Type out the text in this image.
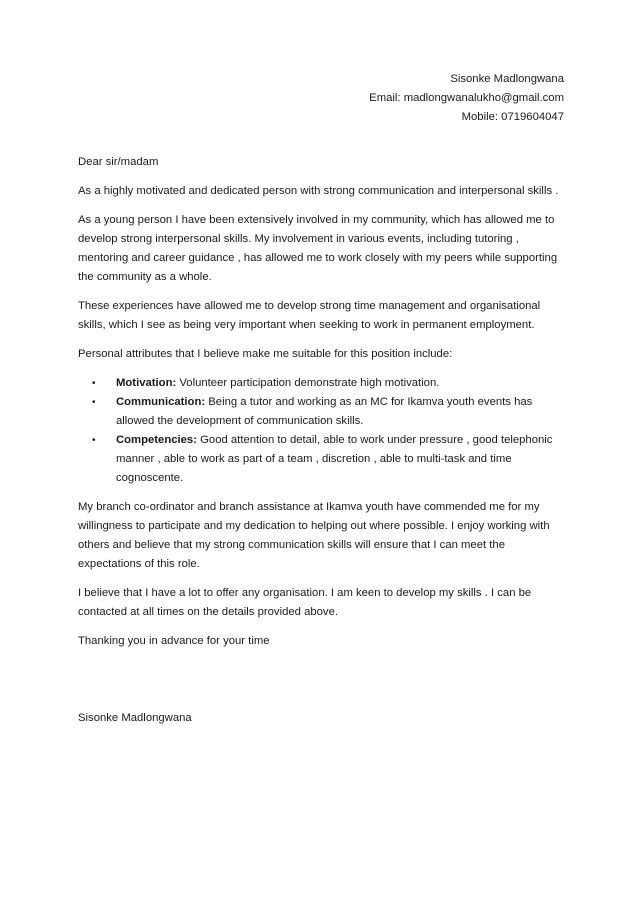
Sisonke Madlongwana
Email: madlongwanalukho@gmail.com
Mobile: 0719604047

Dear sir/madam

As a highly motivated and dedicated person with strong communication and interpersonal skills .

As a young person I have been extensively involved in my community, which has allowed me to develop strong interpersonal skills. My involvement in various events, including tutoring , mentoring and career guidance , has allowed me to work closely with my peers while supporting the community as a whole.

These experiences have allowed me to develop strong time management and organisational skills, which I see as being very important when seeking to work in permanent employment.

Personal attributes that I believe make me suitable for this position include:

• Motivation: Volunteer participation demonstrate high motivation.
• Communication: Being a tutor and working as an MC for Ikamva youth events has allowed the development of communication skills.
• Competencies: Good attention to detail, able to work under pressure , good telephonic manner , able to work as part of a team , discretion , able to multi-task and time cognoscente.

My branch co-ordinator and branch assistance at Ikamva youth have commended me for my willingness to participate and my dedication to helping out where possible. I enjoy working with others and believe that my strong communication skills will ensure that I can meet the expectations of this role.

I believe that I have a lot to offer any organisation. I am keen to develop my skills . I can be contacted at all times on the details provided above.

Thanking you in advance for your time

Sisonke Madlongwana
